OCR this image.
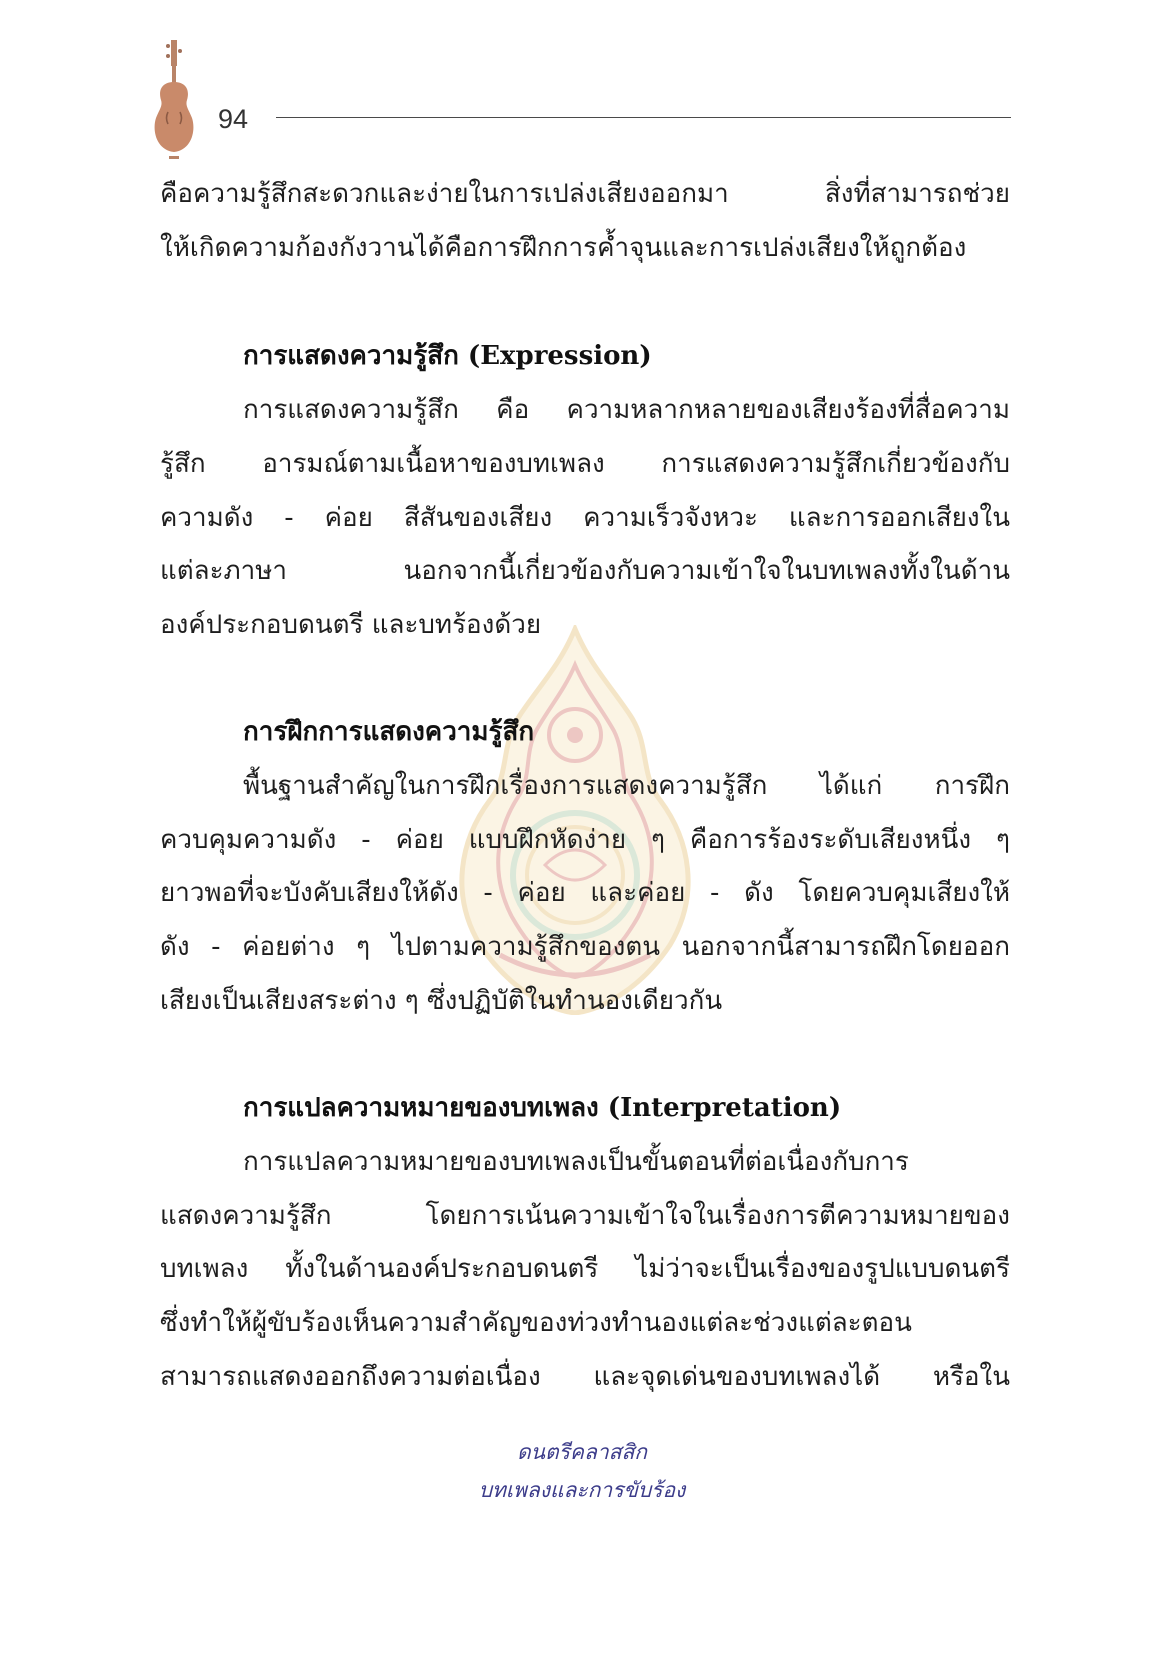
94
คือความรู้สึกสะดวกและง่ายในการเปล่งเสียงออกมา สิ่งที่สามารถช่วย
ให้เกิดความก้องกังวานได้คือการฝึกการค้ำจุนและการเปล่งเสียงให้ถูกต้อง
การแสดงความรู้สึก (Expression)
การแสดงความรู้สึก คือ ความหลากหลายของเสียงร้องที่สื่อความ
รู้สึก อารมณ์ตามเนื้อหาของบทเพลง การแสดงความรู้สึกเกี่ยวข้องกับ
ความดัง - ค่อย สีสันของเสียง ความเร็วจังหวะ และการออกเสียงใน
แต่ละภาษา นอกจากนี้เกี่ยวข้องกับความเข้าใจในบทเพลงทั้งในด้าน
องค์ประกอบดนตรี และบทร้องด้วย
การฝึกการแสดงความรู้สึก
พื้นฐานสำคัญในการฝึกเรื่องการแสดงความรู้สึก ได้แก่ การฝึก
ควบคุมความดัง - ค่อย แบบฝึกหัดง่าย ๆ คือการร้องระดับเสียงหนึ่ง ๆ
ยาวพอที่จะบังคับเสียงให้ดัง - ค่อย และค่อย - ดัง โดยควบคุมเสียงให้
ดัง - ค่อยต่าง ๆ ไปตามความรู้สึกของตน นอกจากนี้สามารถฝึกโดยออก
เสียงเป็นเสียงสระต่าง ๆ ซึ่งปฏิบัติในทำนองเดียวกัน
การแปลความหมายของบทเพลง (Interpretation)
การแปลความหมายของบทเพลงเป็นขั้นตอนที่ต่อเนื่องกับการ
แสดงความรู้สึก โดยการเน้นความเข้าใจในเรื่องการตีความหมายของ
บทเพลง ทั้งในด้านองค์ประกอบดนตรี ไม่ว่าจะเป็นเรื่องของรูปแบบดนตรี
ซึ่งทำให้ผู้ขับร้องเห็นความสำคัญของท่วงทำนองแต่ละช่วงแต่ละตอน
สามารถแสดงออกถึงความต่อเนื่อง และจุดเด่นของบทเพลงได้ หรือใน
ดนตรีคลาสสิก
บทเพลงและการขับร้อง
